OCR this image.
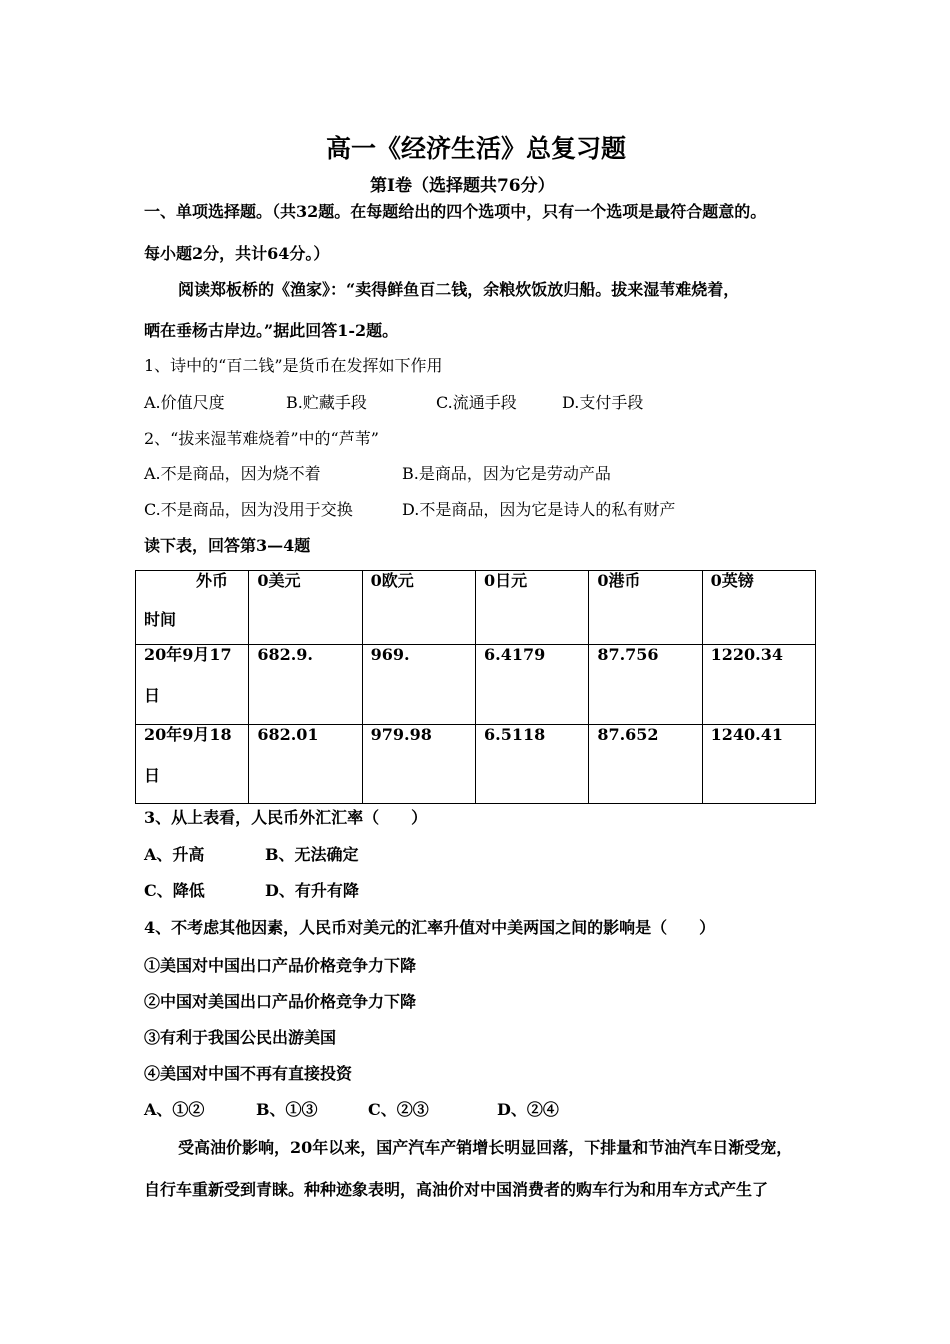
高一《经济生活》总复习题
第I卷（选择题共76分）
一、单项选择题。（共32题。在每题给出的四个选项中，只有一个选项是最符合题意的。
每小题2分，共计64分。）
阅读郑板桥的《渔家》：“卖得鲜鱼百二钱，余粮炊饭放归船。拔来湿苇难烧着，
晒在垂杨古岸边。”据此回答1-2题。
1、诗中的“百二钱”是货币在发挥如下作用
A.价值尺度	B.贮藏手段	C.流通手段	D.支付手段
2、“拔来湿苇难烧着”中的“芦苇”
A.不是商品，因为烧不着	B.是商品，因为它是劳动产品
C.不是商品，因为没用于交换	D.不是商品，因为它是诗人的私有财产
读下表，回答第3—4题
外币
时间	0美元	0欧元	0日元	0港币	0英镑

20年9月17
日	682.9.	969.	6.4179	87.756	1220.34

20年9月18
日	682.01	979.98	6.5118	87.652	1240.41
3、从上表看，人民币外汇汇率（　　）
A、升高	B、无法确定
C、降低	D、有升有降
4、不考虑其他因素，人民币对美元的汇率升值对中美两国之间的影响是（　　）
①美国对中国出口产品价格竞争力下降
②中国对美国出口产品价格竞争力下降
③有利于我国公民出游美国
④美国对中国不再有直接投资
A、①②	B、①③	C、②③	D、②④
受高油价影响，20年以来，国产汽车产销增长明显回落，下排量和节油汽车日渐受宠，
自行车重新受到青睐。种种迹象表明，高油价对中国消费者的购车行为和用车方式产生了
